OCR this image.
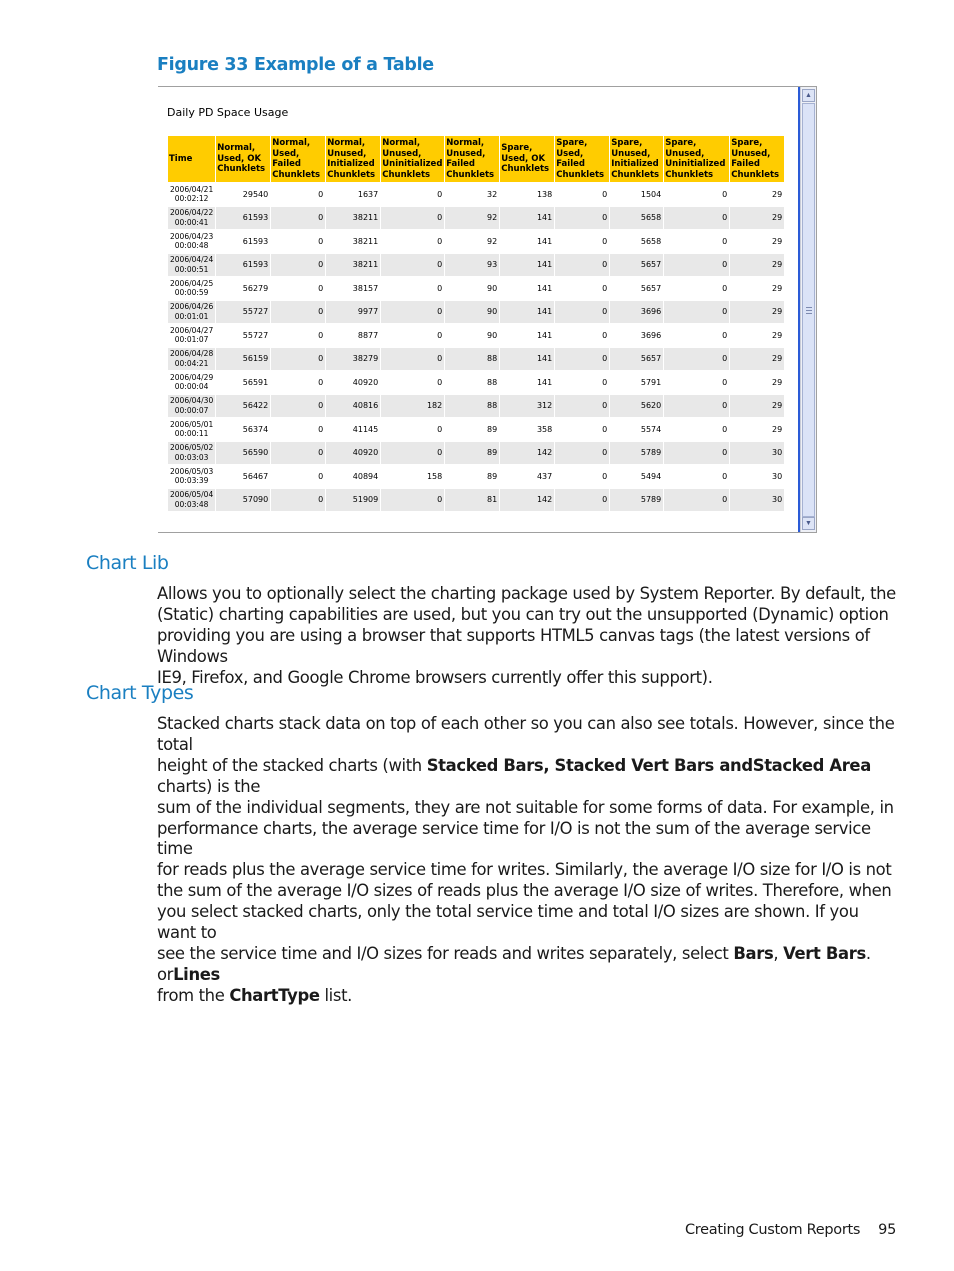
Figure 33 Example of a Table
Daily PD Space Usage
Time	Normal, Used, OK Chunklets	Normal, Used, Failed Chunklets	Normal, Unused, Initialized Chunklets	Normal, Unused, Uninitialized Chunklets	Normal, Unused, Failed Chunklets	Spare, Used, OK Chunklets	Spare, Used, Failed Chunklets	Spare, Unused, Initialized Chunklets	Spare, Unused, Uninitialized Chunklets	Spare, Unused, Failed Chunklets
2006/04/21 00:02:12	29540	0	1637	0	32	138	0	1504	0	29
2006/04/22 00:00:41	61593	0	38211	0	92	141	0	5658	0	29
2006/04/23 00:00:48	61593	0	38211	0	92	141	0	5658	0	29
2006/04/24 00:00:51	61593	0	38211	0	93	141	0	5657	0	29
2006/04/25 00:00:59	56279	0	38157	0	90	141	0	5657	0	29
2006/04/26 00:01:01	55727	0	9977	0	90	141	0	3696	0	29
2006/04/27 00:01:07	55727	0	8877	0	90	141	0	3696	0	29
2006/04/28 00:04:21	56159	0	38279	0	88	141	0	5657	0	29
2006/04/29 00:00:04	56591	0	40920	0	88	141	0	5791	0	29
2006/04/30 00:00:07	56422	0	40816	182	88	312	0	5620	0	29
2006/05/01 00:00:11	56374	0	41145	0	89	358	0	5574	0	29
2006/05/02 00:03:03	56590	0	40920	0	89	142	0	5789	0	30
2006/05/03 00:03:39	56467	0	40894	158	89	437	0	5494	0	30
2006/05/04 00:03:48	57090	0	51909	0	81	142	0	5789	0	30
▲
▼
Chart Lib

Allows you to optionally select the charting package used by System Reporter. By default, the
(Static) charting capabilities are used, but you can try out the unsupported (Dynamic) option
providing you are using a browser that supports HTML5 canvas tags (the latest versions of Windows
IE9, Firefox, and Google Chrome browsers currently offer this support).

Chart Types

Stacked charts stack data on top of each other so you can also see totals. However, since the total
height of the stacked charts (with Stacked Bars, Stacked Vert Bars andStacked Area charts) is the
sum of the individual segments, they are not suitable for some forms of data. For example, in
performance charts, the average service time for I/O is not the sum of the average service time
for reads plus the average service time for writes. Similarly, the average I/O size for I/O is not
the sum of the average I/O sizes of reads plus the average I/O size of writes. Therefore, when
you select stacked charts, only the total service time and total I/O sizes are shown. If you want to
see the service time and I/O sizes for reads and writes separately, select Bars, Vert Bars. orLines
from the ChartType list.

Creating Custom Reports 95
